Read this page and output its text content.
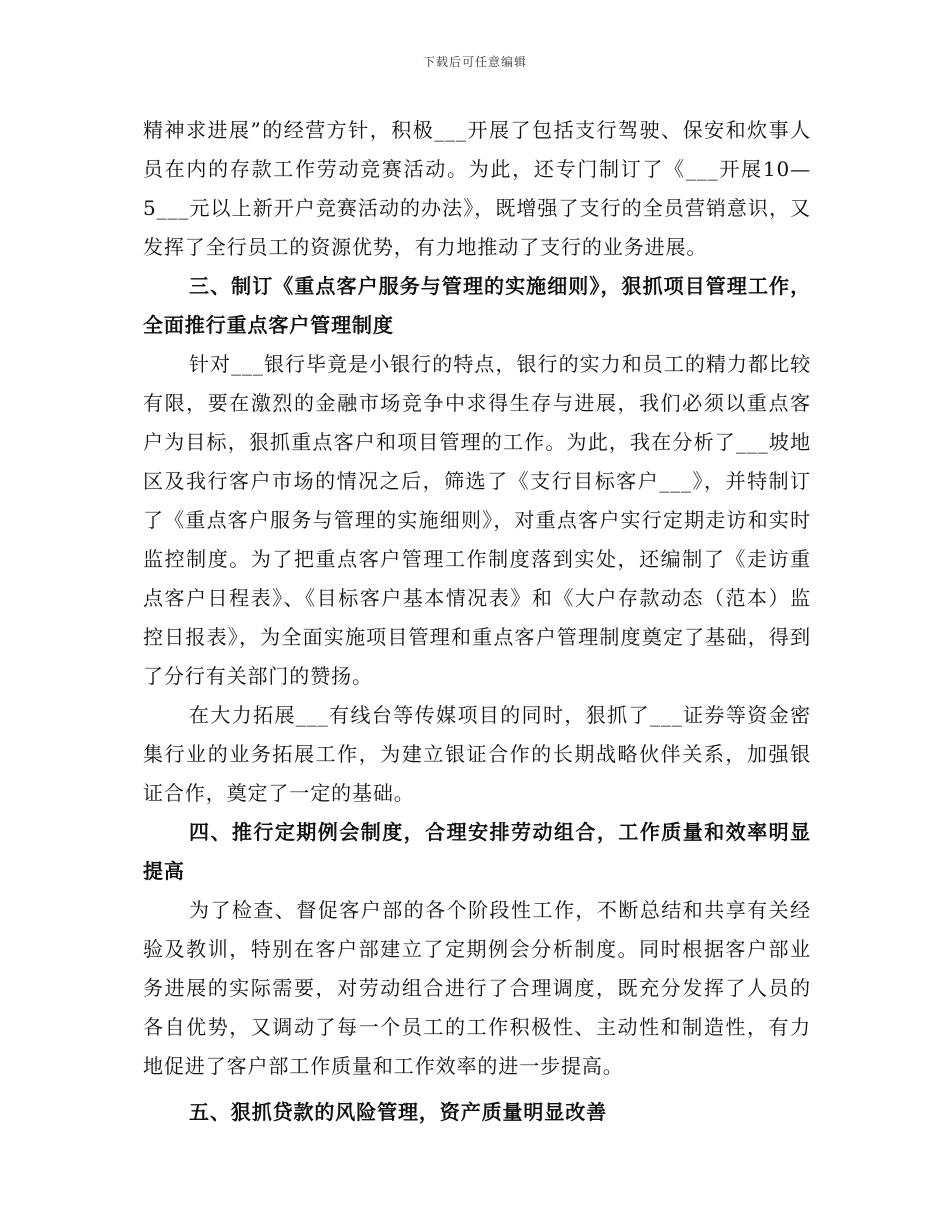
下载后可任意编辑

精神求进展”的经营方针，积极___开展了包括支行驾驶、保安和炊事人员在内的存款工作劳动竞赛活动。为此，还专门制订了《___开展10—5___元以上新开户竞赛活动的办法》，既增强了支行的全员营销意识，又发挥了全行员工的资源优势，有力地推动了支行的业务进展。

三、制订《重点客户服务与管理的实施细则》，狠抓项目管理工作，全面推行重点客户管理制度

针对___银行毕竟是小银行的特点，银行的实力和员工的精力都比较有限，要在激烈的金融市场竞争中求得生存与进展，我们必须以重点客户为目标，狠抓重点客户和项目管理的工作。为此，我在分析了___坡地区及我行客户市场的情况之后，筛选了《支行目标客户___》，并特制订了《重点客户服务与管理的实施细则》，对重点客户实行定期走访和实时监控制度。为了把重点客户管理工作制度落到实处，还编制了《走访重点客户日程表》、《目标客户基本情况表》和《大户存款动态（范本）监控日报表》，为全面实施项目管理和重点客户管理制度奠定了基础，得到了分行有关部门的赞扬。

在大力拓展___有线台等传媒项目的同时，狠抓了___证券等资金密集行业的业务拓展工作，为建立银证合作的长期战略伙伴关系，加强银证合作，奠定了一定的基础。

四、推行定期例会制度，合理安排劳动组合，工作质量和效率明显提高

为了检查、督促客户部的各个阶段性工作，不断总结和共享有关经验及教训，特别在客户部建立了定期例会分析制度。同时根据客户部业务进展的实际需要，对劳动组合进行了合理调度，既充分发挥了人员的各自优势，又调动了每一个员工的工作积极性、主动性和制造性，有力地促进了客户部工作质量和工作效率的进一步提高。

五、狠抓贷款的风险管理，资产质量明显改善
